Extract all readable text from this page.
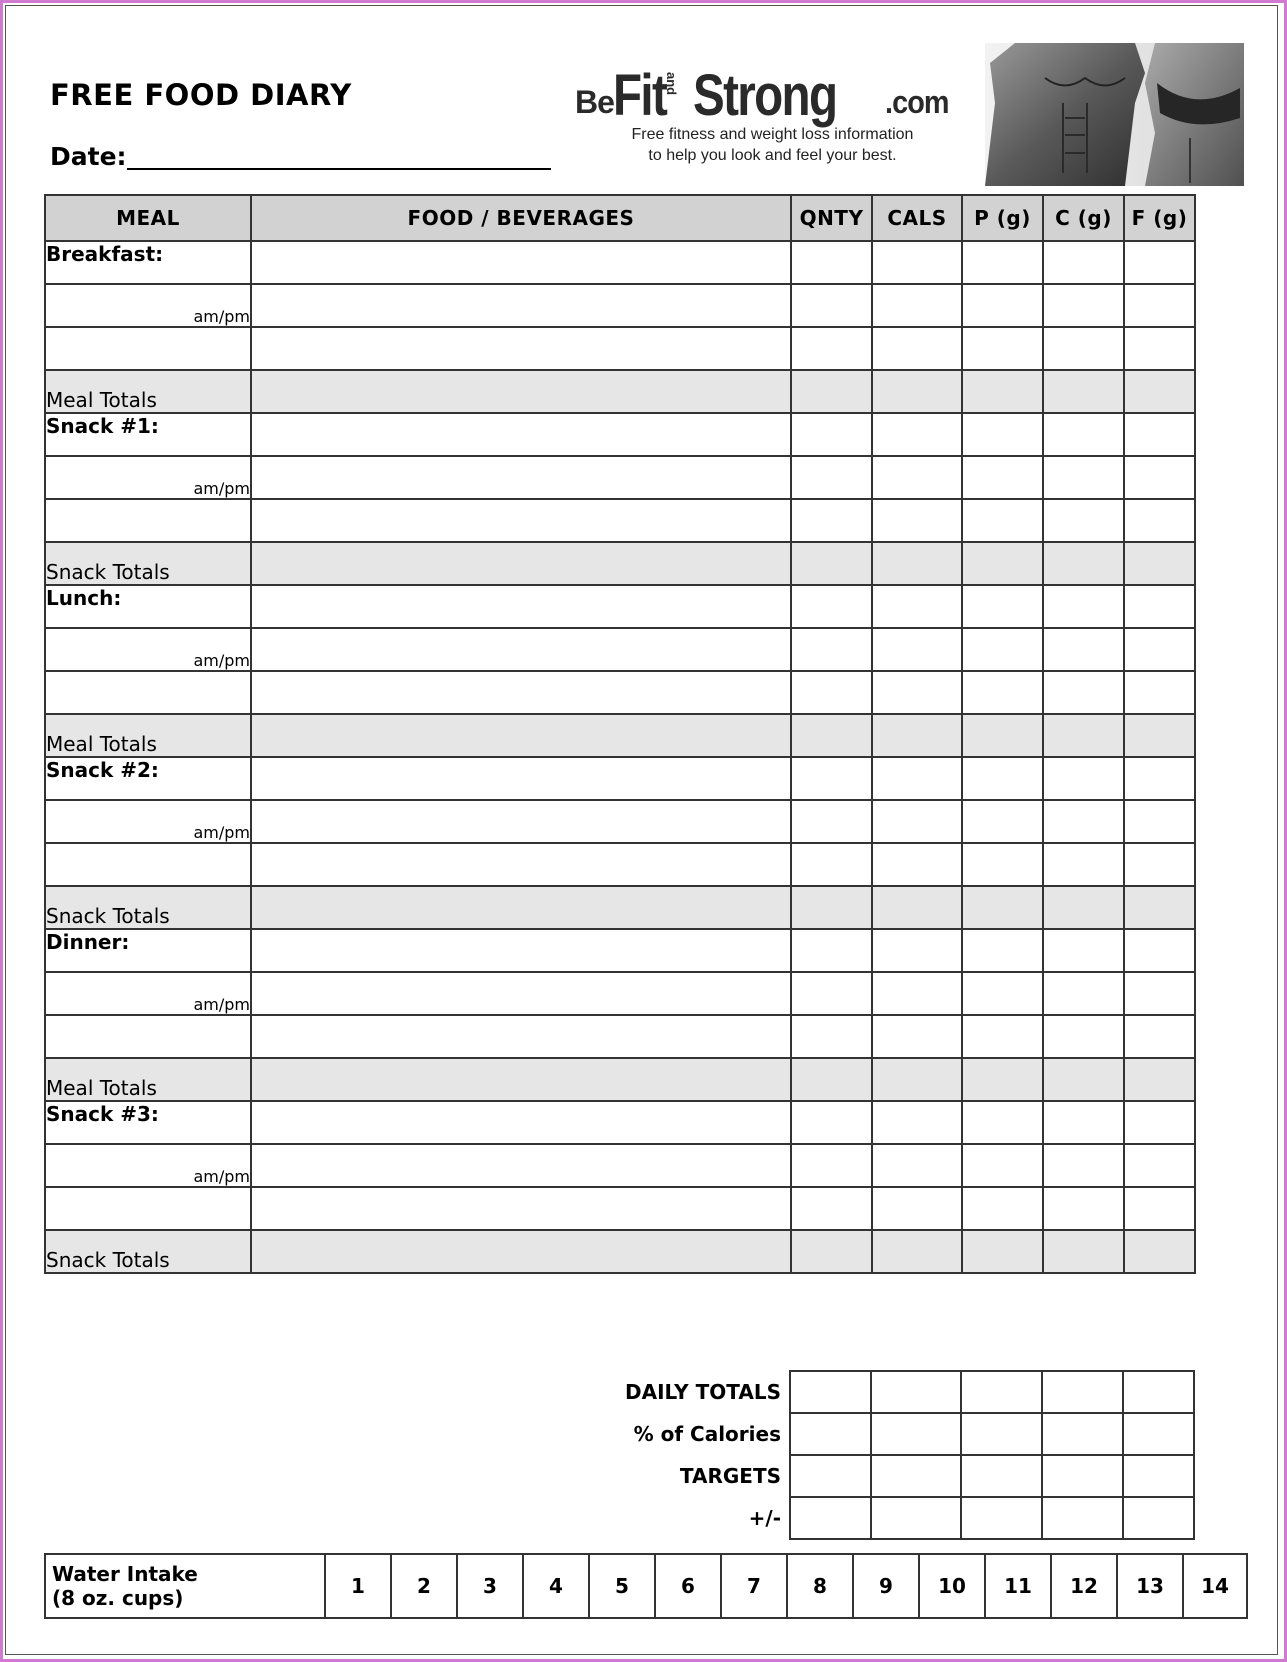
FREE FOOD DIARY
Date:
Be Fit
and Strong .com
Free fitness and weight loss information
to help you look and feel your best.
MEAL	FOOD / BEVERAGES	QNTY	CALS	P (g)	C (g)	F (g)
Breakfast:						
am/pm						

Meal Totals						
Snack #1:						
am/pm						

Snack Totals						
Lunch:						
am/pm						

Meal Totals						
Snack #2:						
am/pm						

Snack Totals						
Dinner:						
am/pm						

Meal Totals						
Snack #3:						
am/pm						

Snack Totals						
DAILY TOTALS					
% of Calories					
TARGETS					
+/-					
Water Intake
(8 oz. cups)	1	2	3	4	5	6	7	8	9	10	11	12	13	14
